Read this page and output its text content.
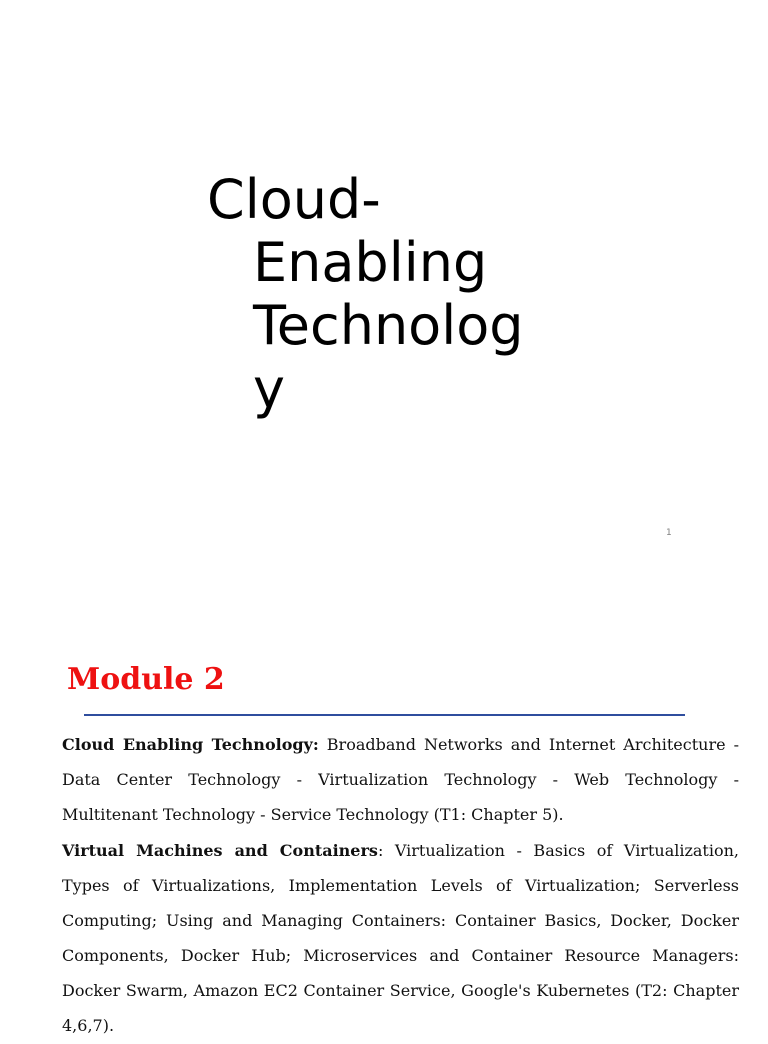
Cloud-
Enabling
Technolog
y
1
Module 2

Cloud Enabling Technology: Broadband Networks and Internet Architecture - Data Center Technology - Virtualization Technology - Web Technology - Multitenant Technology - Service Technology (T1: Chapter 5).

Virtual Machines and Containers: Virtualization - Basics of Virtualization, Types of Virtualizations, Implementation Levels of Virtualization; Serverless Computing; Using and Managing Containers: Container Basics, Docker, Docker Components, Docker Hub; Microservices and Container Resource Managers: Docker Swarm, Amazon EC2 Container Service, Google's Kubernetes (T2: Chapter 4,6,7).
